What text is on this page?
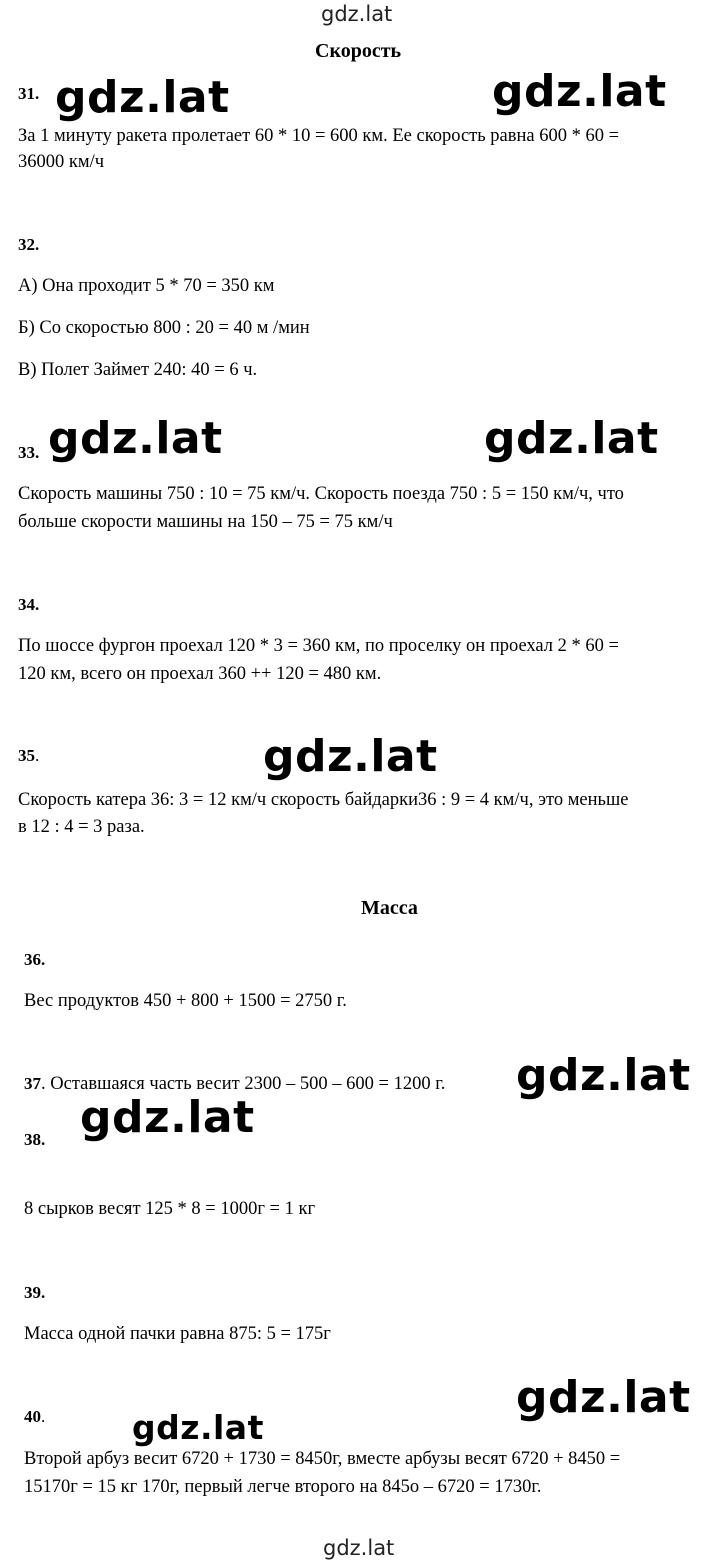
gdz.lat
Скорость
31.
За 1 минуту ракета пролетает 60 * 10 = 600 км. Ее скорость равна 600 * 60 =
36000 км/ч
32.
А) Она проходит 5 * 70 = 350 км
Б) Со скоростью 800 : 20 = 40 м /мин
В) Полет Займет 240: 40 = 6 ч.
33.
Скорость машины 750 : 10 = 75 км/ч. Скорость поезда 750 : 5 = 150 км/ч, что
больше скорости машины на 150 – 75 = 75 км/ч
34.
По шоссе фургон проехал 120 * 3 = 360 км, по проселку он проехал 2 * 60 =
120 км, всего он проехал 360 ++ 120 = 480 км.
35.
Скорость катера 36: 3 = 12 км/ч скорость байдарки36 : 9 = 4 км/ч, это меньше
в 12 : 4 = 3 раза.
Масса
36.
Вес продуктов 450 + 800 + 1500 = 2750 г.
37. Оставшаяся часть весит 2300 – 500 – 600 = 1200 г.
38.
8 сырков весят 125 * 8 = 1000г = 1 кг
39.
Масса одной пачки равна 875: 5 = 175г
40.
Второй арбуз весит 6720 + 1730 = 8450г, вместе арбузы весят 6720 + 8450 =
15170г = 15 кг 170г, первый легче второго на 845о – 6720 = 1730г.
gdz.lat
gdz.lat	gdz.lat
gdz.lat	gdz.lat
gdz.lat
gdz.lat
gdz.lat
gdz.lat
gdz.lat
